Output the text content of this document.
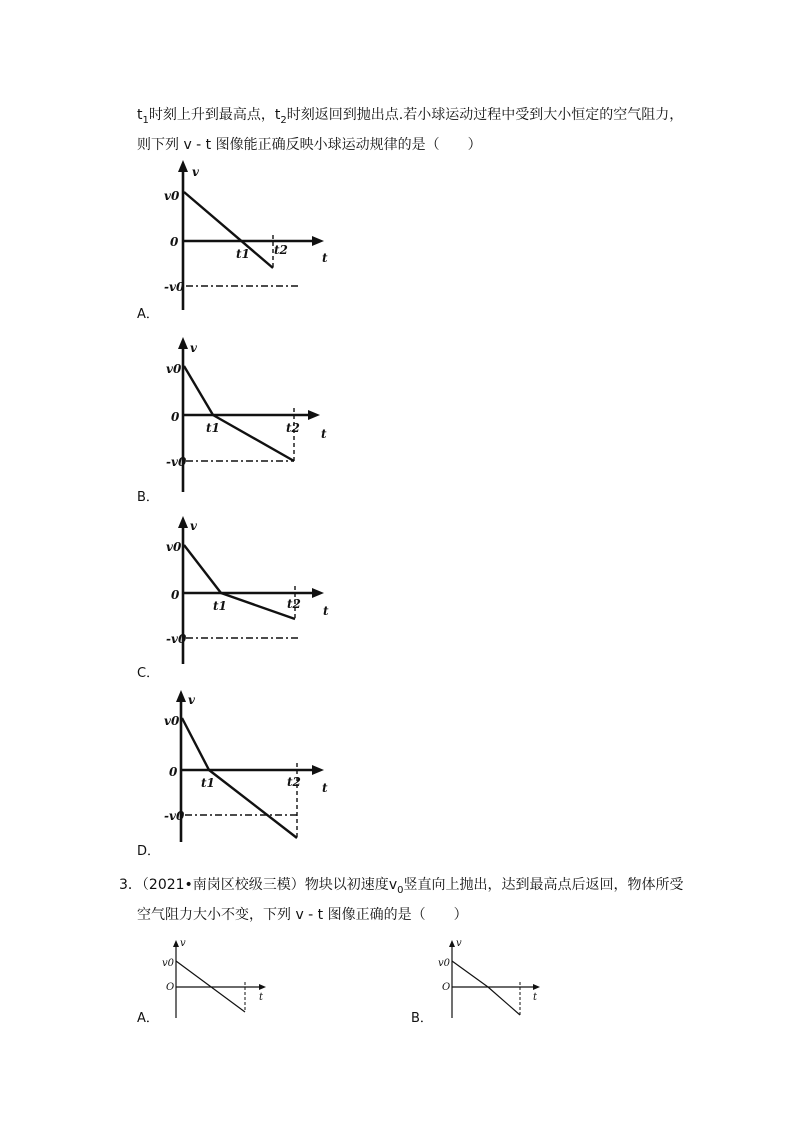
$t_1$时刻上升到最高点，$t_2$时刻返回到抛出点.若小球运动过程中受到大小恒定的空气阻力，
则下列 v - t 图像能正确反映小球运动规律的是（　　）
v
v0
0
t1 t2
t
-v0
A．
v
v0
0
t1	t2 t
-v0
B．
v
v0
0
t1	t2 t
-v0
C．
v
v0
0
t1	t2 t
-v0
D．
3．（2021•南岗区校级三模）物块以初速度$v_0$竖直向上抛出，达到最高点后返回，物体所受
空气阻力大小不变，下列 v - t 图像正确的是（　　）
v
v0
O
t
A．
v
v0
O
t
B．
